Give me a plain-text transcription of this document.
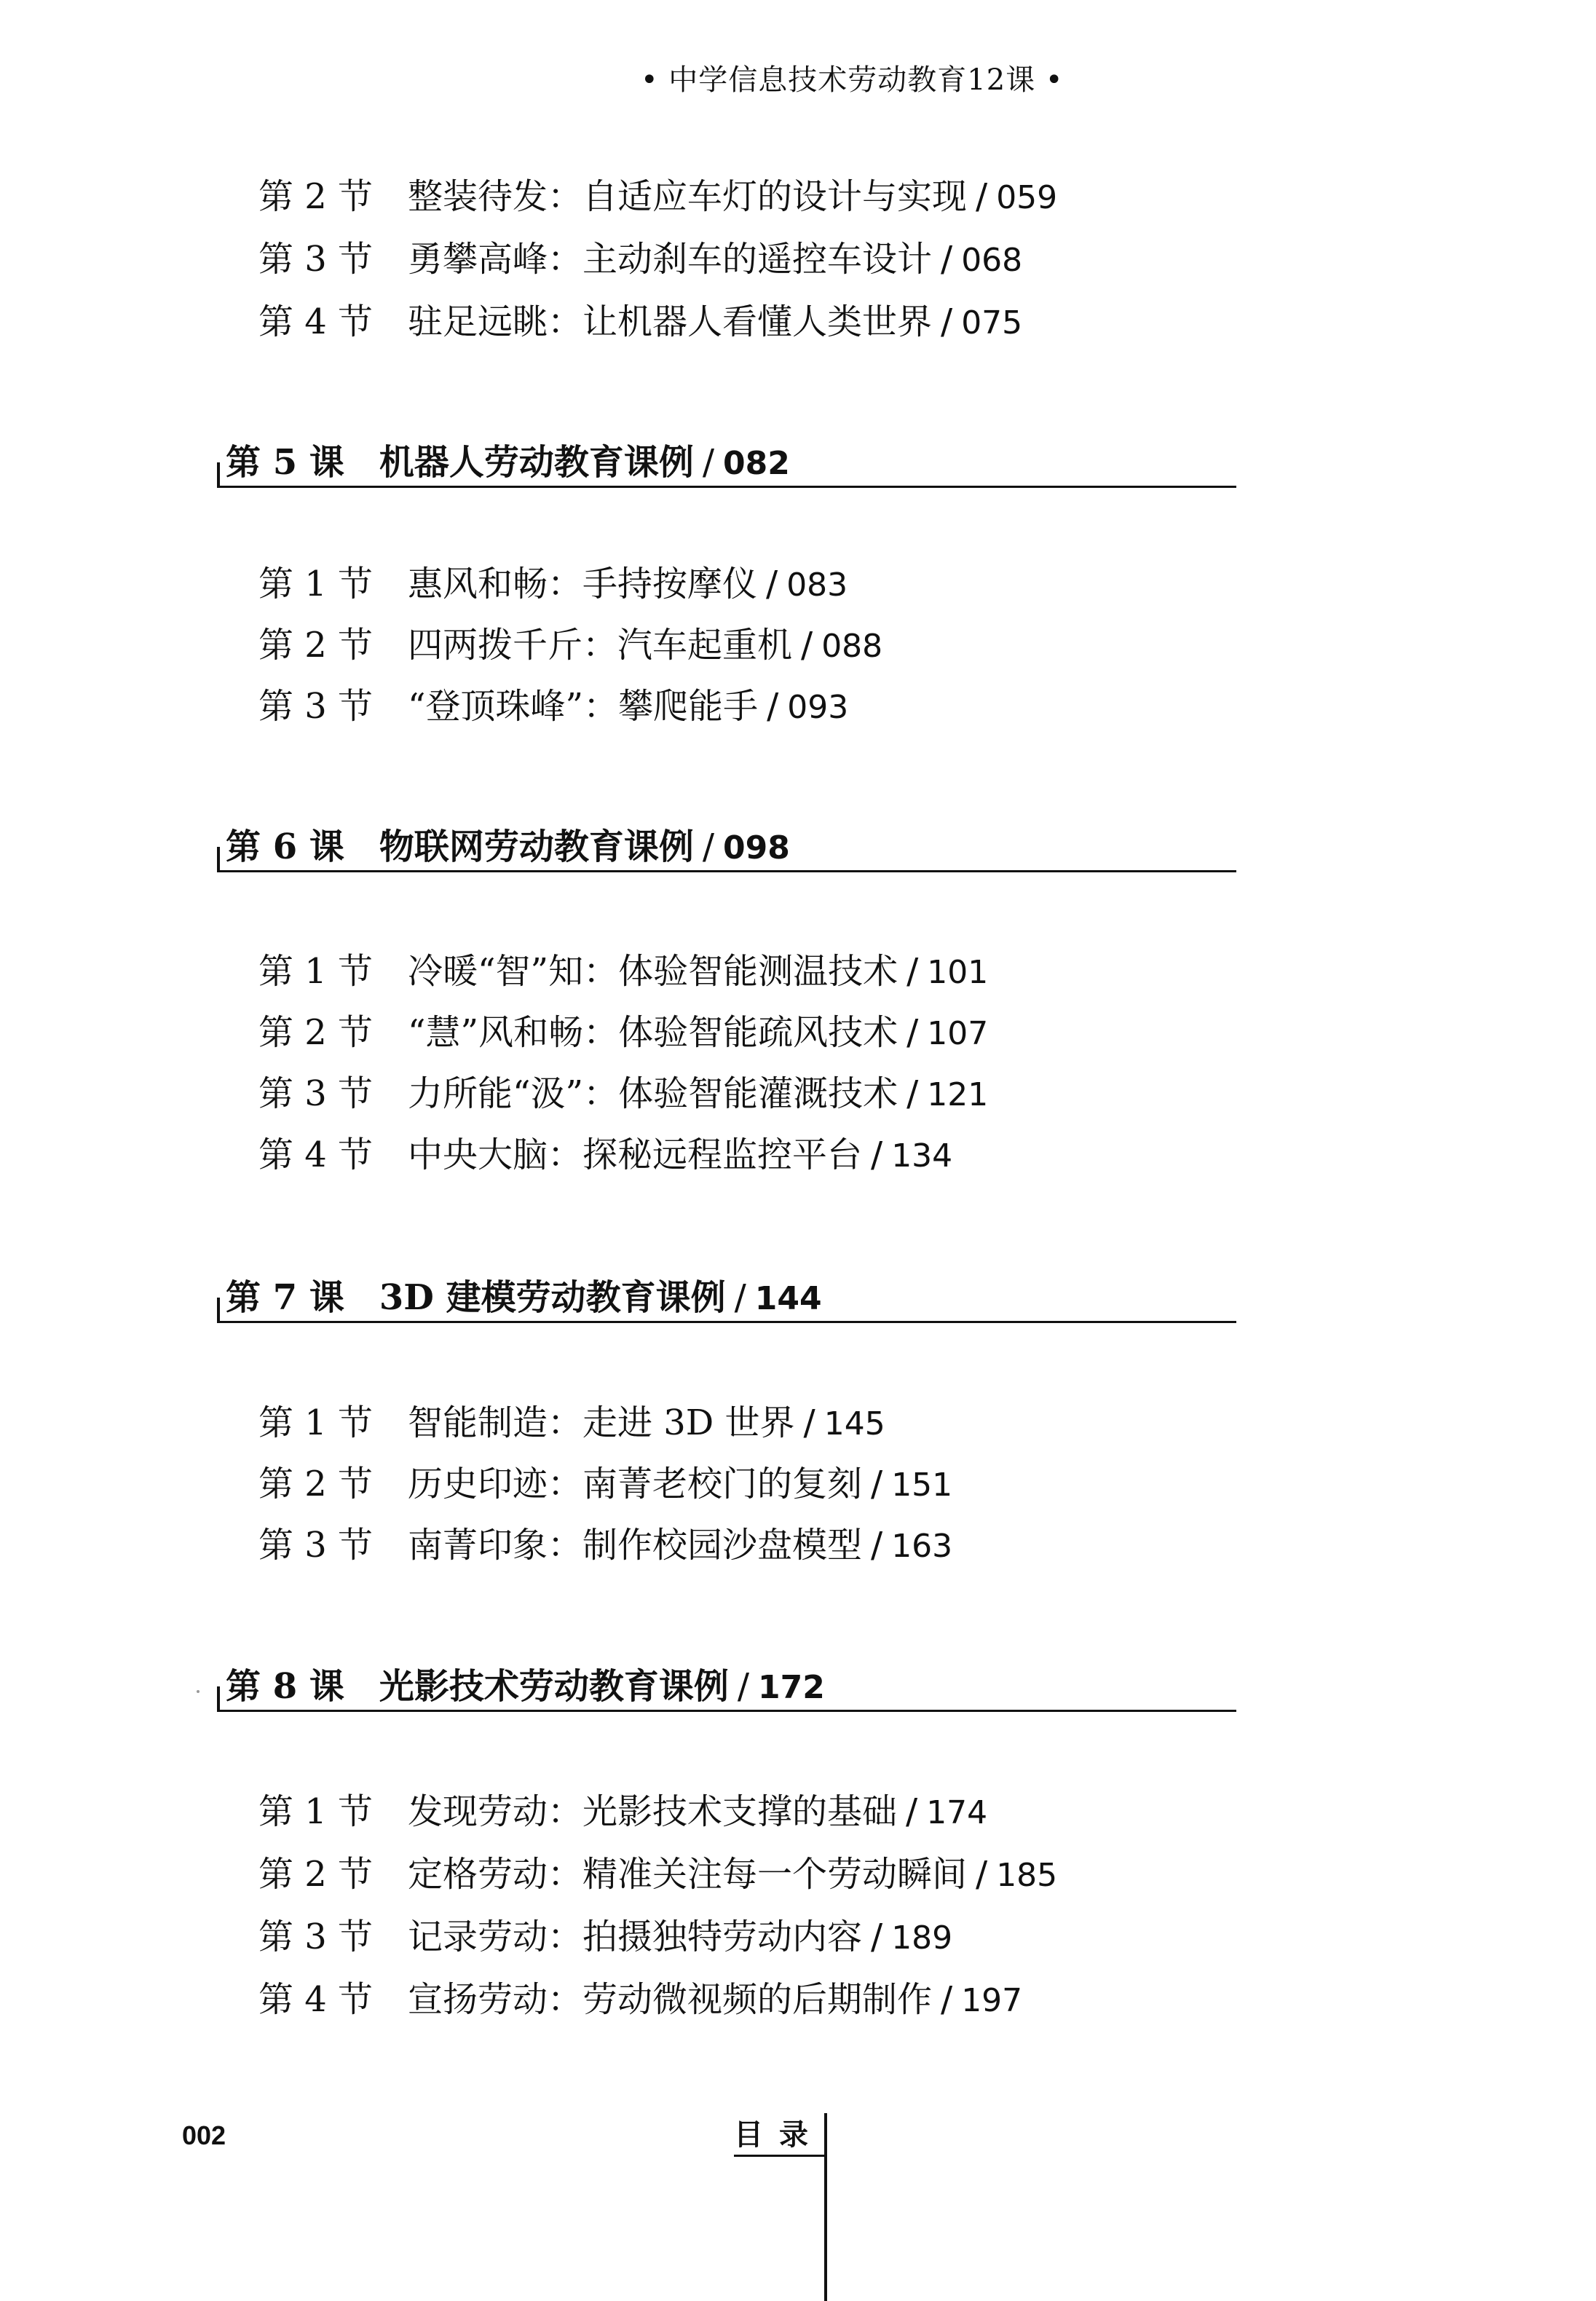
• 中学信息技术劳动教育12课 •
第 2 节 整装待发：自适应车灯的设计与实现 / 059
第 3 节 勇攀高峰：主动刹车的遥控车设计 / 068
第 4 节 驻足远眺：让机器人看懂人类世界 / 075
第 5 课 机器人劳动教育课例 / 082
第 1 节 惠风和畅：手持按摩仪 / 083
第 2 节 四两拨千斤：汽车起重机 / 088
第 3 节 “登顶珠峰”：攀爬能手 / 093
第 6 课 物联网劳动教育课例 / 098
第 1 节 冷暖“智”知：体验智能测温技术 / 101
第 2 节 “慧”风和畅：体验智能疏风技术 / 107
第 3 节 力所能“汲”：体验智能灌溉技术 / 121
第 4 节 中央大脑：探秘远程监控平台 / 134
第 7 课 3D 建模劳动教育课例 / 144
第 1 节 智能制造：走进 3D 世界 / 145
第 2 节 历史印迹：南菁老校门的复刻 / 151
第 3 节 南菁印象：制作校园沙盘模型 / 163
第 8 课 光影技术劳动教育课例 / 172
第 1 节 发现劳动：光影技术支撑的基础 / 174
第 2 节 定格劳动：精准关注每一个劳动瞬间 / 185
第 3 节 记录劳动：拍摄独特劳动内容 / 189
第 4 节 宣扬劳动：劳动微视频的后期制作 / 197
002	目录
